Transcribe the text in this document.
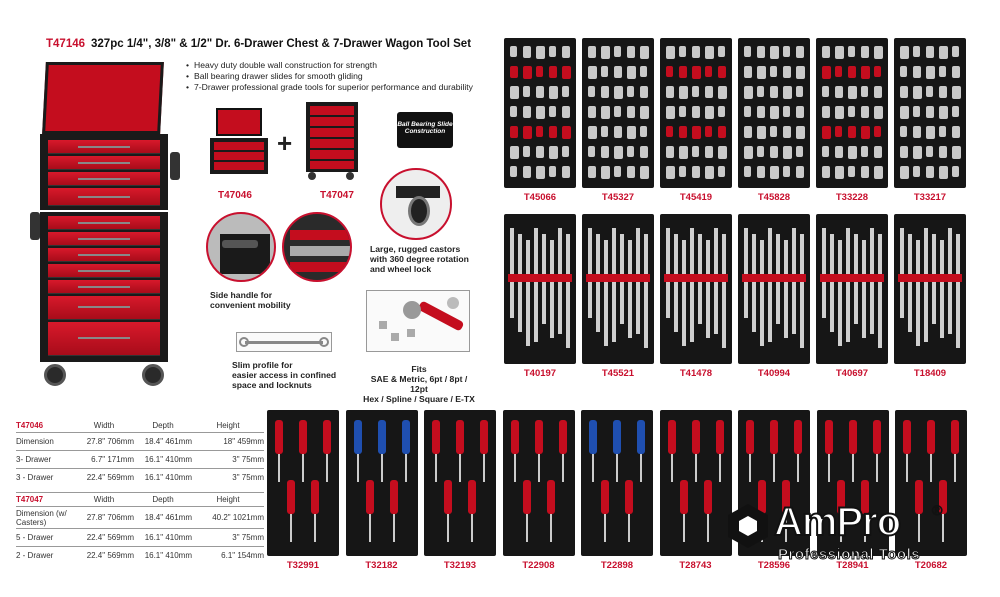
T47146 327pc 1/4", 3/8" & 1/2" Dr. 6-Drawer Chest & 7-Drawer Wagon Tool Set
• Heavy duty double wall construction for strength
• Ball bearing drawer slides for smooth gliding
• 7-Drawer professional grade tools for superior performance and durability
T47046
+
T47047
Ball Bearing Slide
Construction
Large, rugged castors
with 360 degree rotation
and wheel lock
Side handle for
convenient mobility
Slim profile for
easier access in confined
space and locknuts
Fits
SAE & Metric, 6pt / 8pt / 12pt
Hex / Spline / Square / E-TX
T47046	Width	Depth	Height
Dimension	27.8" 706mm	18.4" 461mm	18" 459mm
3- Drawer	6.7" 171mm	16.1" 410mm	3" 75mm
3 - Drawer	22.4" 569mm	16.1" 410mm	3" 75mm
T47047	Width	Depth	Height
Dimension (w/ Casters)	27.8" 706mm	18.4" 461mm	40.2" 1021mm
5 - Drawer	22.4" 569mm	16.1" 410mm	3" 75mm
2 - Drawer	22.4" 569mm	16.1" 410mm	6.1" 154mm
T45066	T45327	T45419	T45828	T33228	T33217
T40197	T45521	T41478	T40994	T40697	T18409
T32991	T32182	T32193	T22908	T22898	T28743	T28596	T28941	T20682
AmPro ®
Professional Tools
